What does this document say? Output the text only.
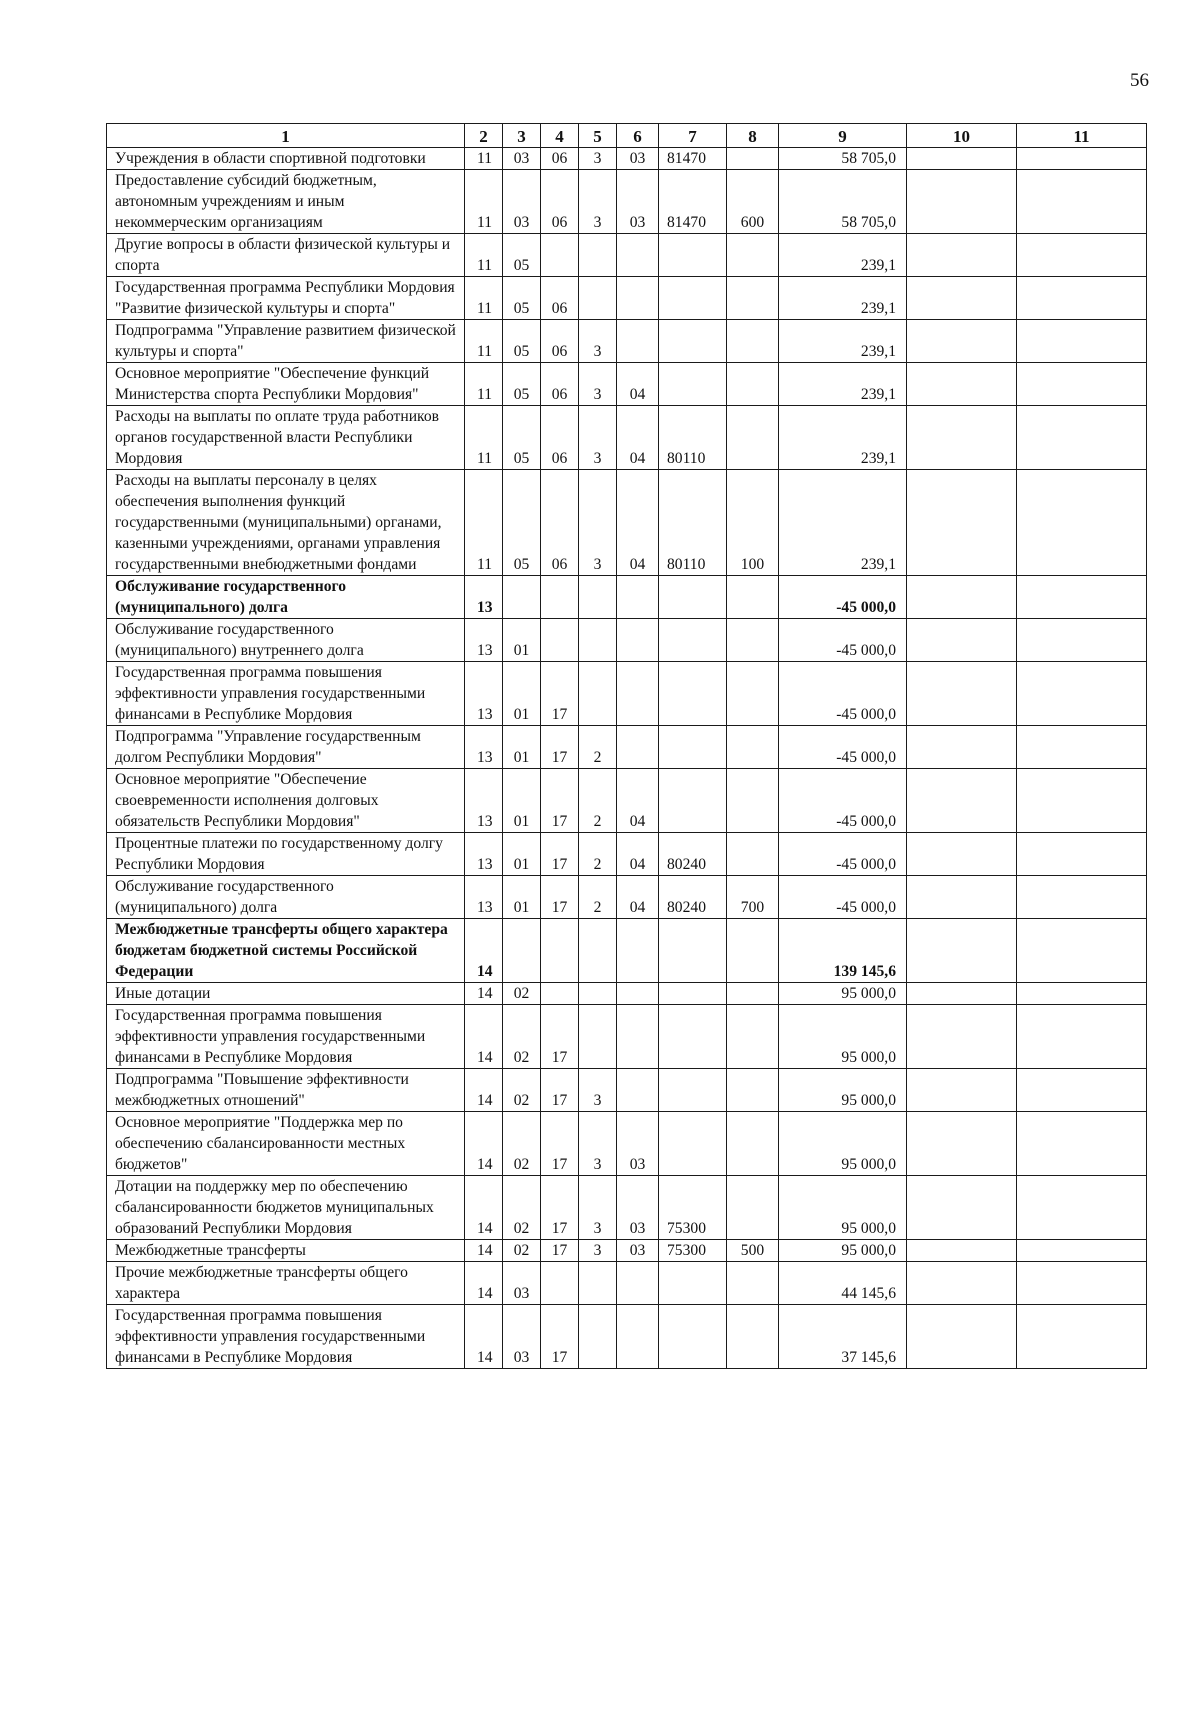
56
1	2	3	4	5	6	7	8	9	10	11
Учреждения в области спортивной подготовки	11	03	06	3	03	81470		58 705,0		
Предоставление субсидий бюджетным, автономным учреждениям и иным некоммерческим организациям	11	03	06	3	03	81470	600	58 705,0		
Другие вопросы в области физической культуры и спорта	11	05						239,1		
Государственная программа Республики Мордовия "Развитие физической культуры и спорта"	11	05	06					239,1		
Подпрограмма "Управление развитием физической культуры и спорта"	11	05	06	3				239,1		
Основное мероприятие "Обеспечение функций Министерства спорта Республики Мордовия"	11	05	06	3	04			239,1		
Расходы на выплаты по оплате труда работников органов государственной власти Республики Мордовия	11	05	06	3	04	80110		239,1		
Расходы на выплаты персоналу в целях обеспечения выполнения функций государственными (муниципальными) органами, казенными учреждениями, органами управления государственными внебюджетными фондами	11	05	06	3	04	80110	100	239,1		
Обслуживание государственного (муниципального) долга	13							-45 000,0		
Обслуживание государственного (муниципального) внутреннего долга	13	01						-45 000,0		
Государственная программа повышения эффективности управления государственными финансами в Республике Мордовия	13	01	17					-45 000,0		
Подпрограмма "Управление государственным долгом Республики Мордовия"	13	01	17	2				-45 000,0		
Основное мероприятие "Обеспечение своевременности исполнения долговых обязательств Республики Мордовия"	13	01	17	2	04			-45 000,0		
Процентные платежи по государственному долгу Республики Мордовия	13	01	17	2	04	80240		-45 000,0		
Обслуживание государственного (муниципального) долга	13	01	17	2	04	80240	700	-45 000,0		
Межбюджетные трансферты общего характера бюджетам бюджетной системы Российской Федерации	14							139 145,6		
Иные дотации	14	02						95 000,0		
Государственная программа повышения эффективности управления государственными финансами в Республике Мордовия	14	02	17					95 000,0		
Подпрограмма "Повышение эффективности межбюджетных отношений"	14	02	17	3				95 000,0		
Основное мероприятие "Поддержка мер по обеспечению сбалансированности местных бюджетов"	14	02	17	3	03			95 000,0		
Дотации на поддержку мер по обеспечению сбалансированности бюджетов муниципальных образований Республики Мордовия	14	02	17	3	03	75300		95 000,0		
Межбюджетные трансферты	14	02	17	3	03	75300	500	95 000,0		
Прочие межбюджетные трансферты общего характера	14	03						44 145,6		
Государственная программа повышения эффективности управления государственными финансами в Республике Мордовия	14	03	17					37 145,6		
